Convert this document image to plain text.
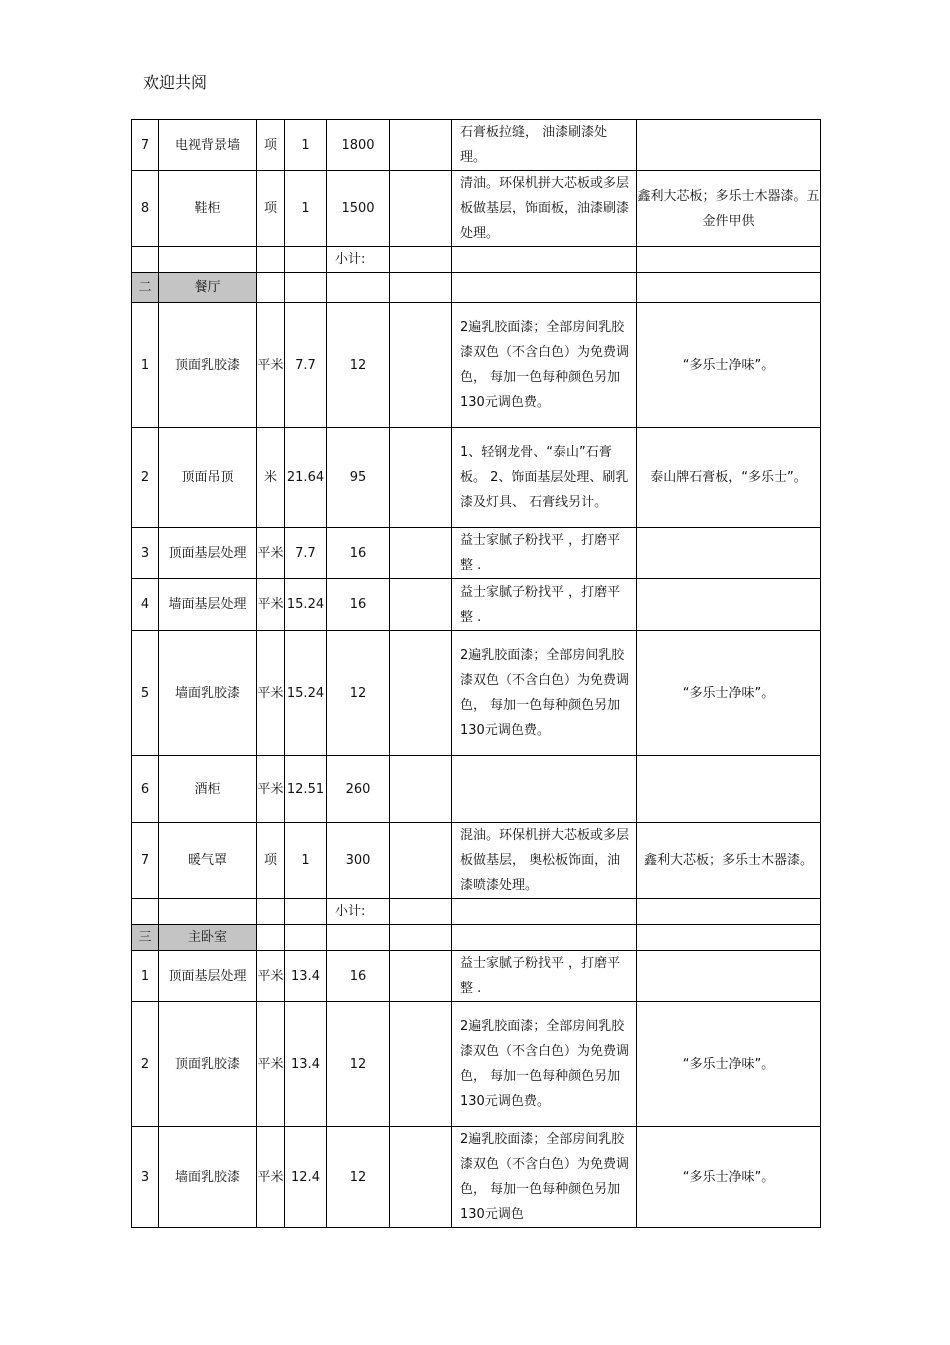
欢迎共阅
7	电视背景墙	项	1	1800		石膏板拉缝， 油漆刷漆处理。	
8	鞋柜	项	1	1500		清油。环保机拼大芯板或多层板做基层，饰面板，油漆刷漆处理。	鑫利大芯板；多乐士木器漆。五金件甲供
				小计:			
二	餐厅						
1	顶面乳胶漆	平米	7.7	12		2遍乳胶面漆；全部房间乳胶漆双色（不含白色）为免费调色， 每加一色每种颜色另加 130元调色费。	“多乐士净味”。
2	顶面吊顶	米	21.64	95		1、轻钢龙骨、“泰山”石膏板。 2、饰面基层处理、刷乳漆及灯具、 石膏线另计。	泰山牌石膏板，“多乐士”。
3	顶面基层处理	平米	7.7	16		益士家腻子粉找平 ，打磨平整 .	
4	墙面基层处理	平米	15.24	16		益士家腻子粉找平 ，打磨平整 .	
5	墙面乳胶漆	平米	15.24	12		2遍乳胶面漆；全部房间乳胶漆双色（不含白色）为免费调色， 每加一色每种颜色另加 130元调色费。	“多乐士净味”。
6	酒柜	平米	12.51	260			
7	暖气罩	项	1	300		混油。环保机拼大芯板或多层板做基层， 奥松板饰面，油漆喷漆处理。	鑫利大芯板；多乐士木器漆。
				小计:			
三	主卧室						
1	顶面基层处理	平米	13.4	16		益士家腻子粉找平 ，打磨平整 .	
2	顶面乳胶漆	平米	13.4	12		2遍乳胶面漆；全部房间乳胶漆双色（不含白色）为免费调色， 每加一色每种颜色另加 130元调色费。	“多乐士净味”。
3	墙面乳胶漆	平米	12.4	12		2遍乳胶面漆；全部房间乳胶漆双色（不含白色）为免费调色， 每加一色每种颜色另加 130元调色	“多乐士净味”。
